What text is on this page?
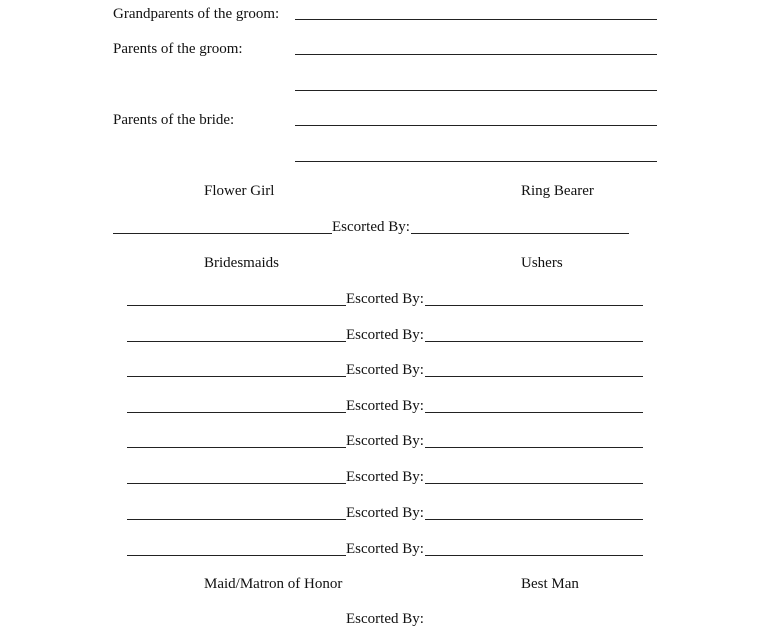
Grandparents of the groom:
Parents of the groom:
Parents of the bride:
Flower Girl	Ring Bearer
Escorted By:
Bridesmaids	Ushers
Escorted By:
Escorted By:
Escorted By:
Escorted By:
Escorted By:
Escorted By:
Escorted By:
Escorted By:
Maid/Matron of Honor	Best Man
Escorted By:
